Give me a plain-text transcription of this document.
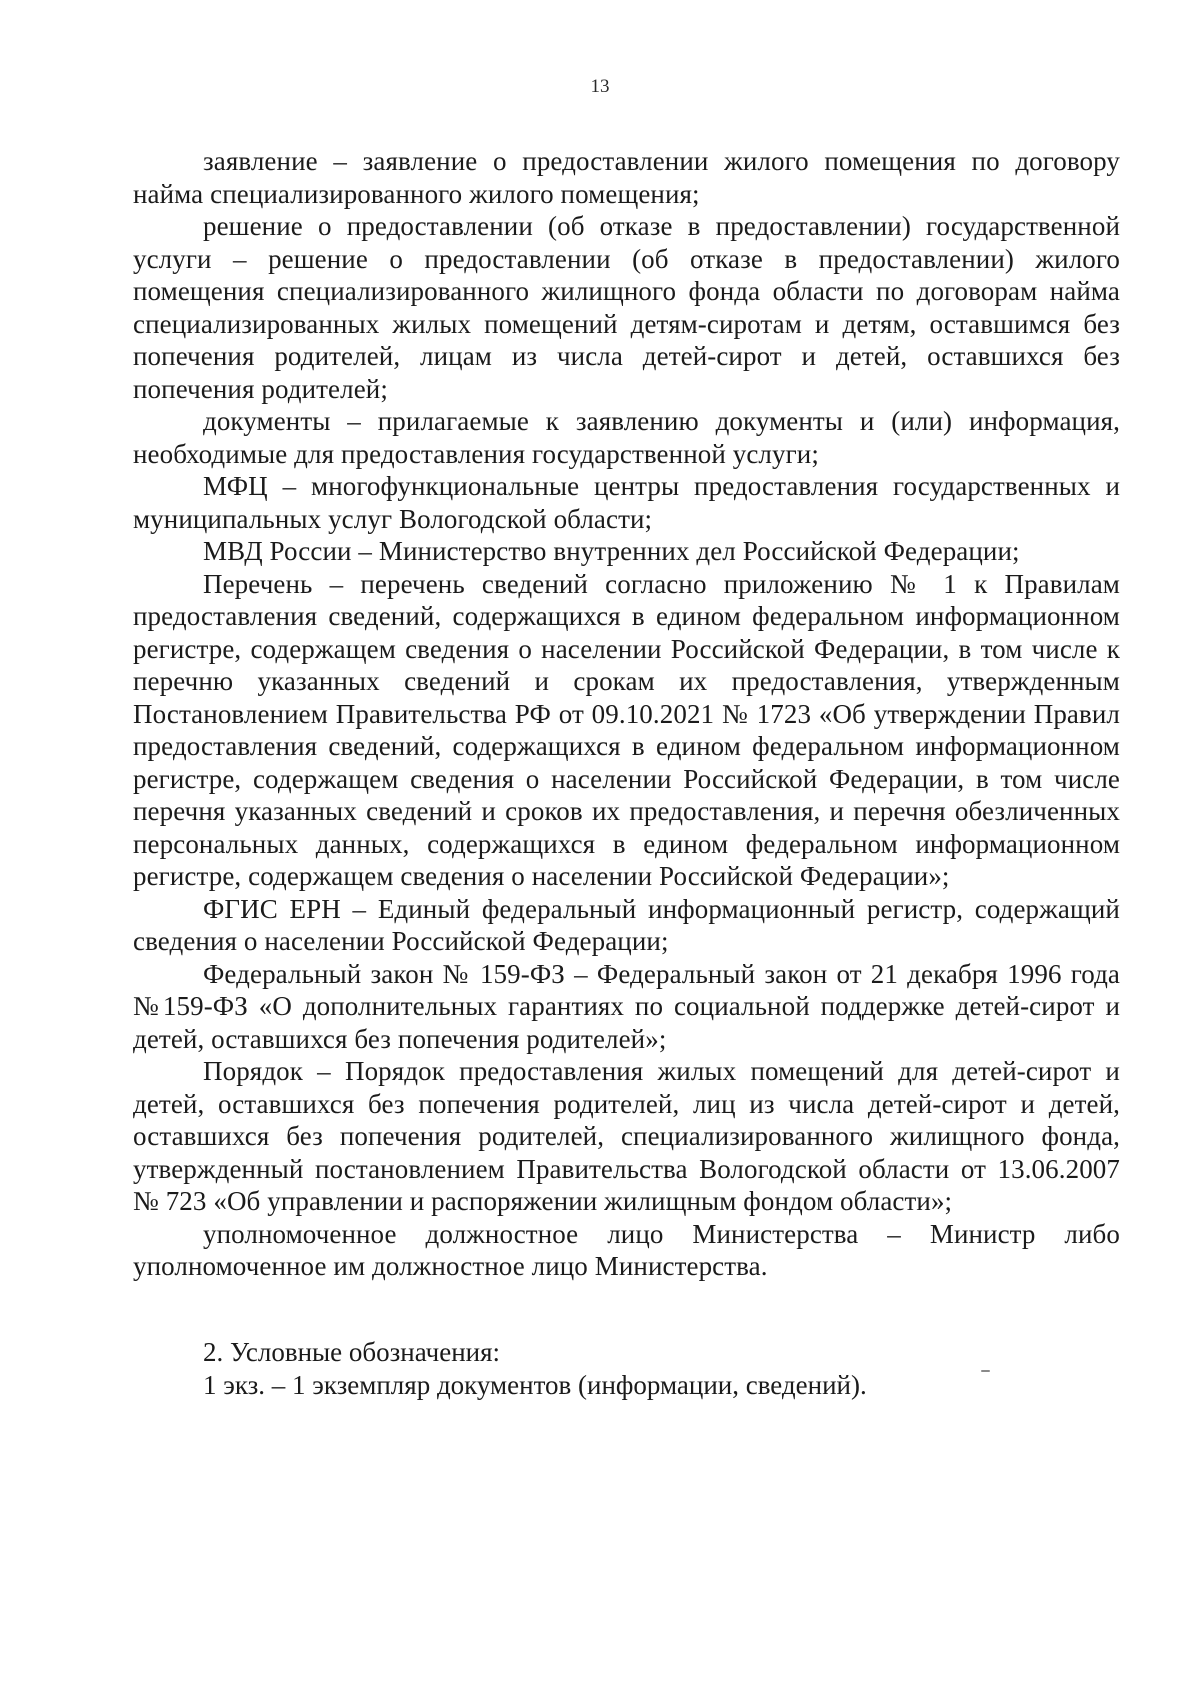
13

заявление – заявление о предоставлении жилого помещения по договору найма специализированного жилого помещения;

решение о предоставлении (об отказе в предоставлении) государственной услуги – решение о предоставлении (об отказе в предоставлении) жилого помещения специализированного жилищного фонда области по договорам найма специализированных жилых помещений детям-сиротам и детям, оставшимся без попечения родителей, лицам из числа детей-сирот и детей, оставшихся без попечения родителей;

документы – прилагаемые к заявлению документы и (или) информация, необходимые для предоставления государственной услуги;

МФЦ – многофункциональные центры предоставления государственных и муниципальных услуг Вологодской области;

МВД России – Министерство внутренних дел Российской Федерации;

Перечень – перечень сведений согласно приложению № 1 к Правилам предоставления сведений, содержащихся в едином федеральном информационном регистре, содержащем сведения о населении Российской Федерации, в том числе к перечню указанных сведений и срокам их предоставления, утвержденным Постановлением Правительства РФ от 09.10.2021 № 1723 «Об утверждении Правил предоставления сведений, содержащихся в едином федеральном информационном регистре, содержащем сведения о населении Российской Федерации, в том числе перечня указанных сведений и сроков их предоставления, и перечня обезличенных персональных данных, содержащихся в едином федеральном информационном регистре, содержащем сведения о населении Российской Федерации»;

ФГИС ЕРН – Единый федеральный информационный регистр, содержащий сведения о населении Российской Федерации;

Федеральный закон № 159-ФЗ – Федеральный закон от 21 декабря 1996 года №159-ФЗ «О дополнительных гарантиях по социальной поддержке детей-сирот и детей, оставшихся без попечения родителей»;

Порядок – Порядок предоставления жилых помещений для детей-сирот и детей, оставшихся без попечения родителей, лиц из числа детей-сирот и детей, оставшихся без попечения родителей, специализированного жилищного фонда, утвержденный постановлением Правительства Вологодской области от 13.06.2007 № 723 «Об управлении и распоряжении жилищным фондом области»;

уполномоченное должностное лицо Министерства – Министр либо уполномоченное им должностное лицо Министерства.

2. Условные обозначения:

1 экз. – 1 экземпляр документов (информации, сведений).
